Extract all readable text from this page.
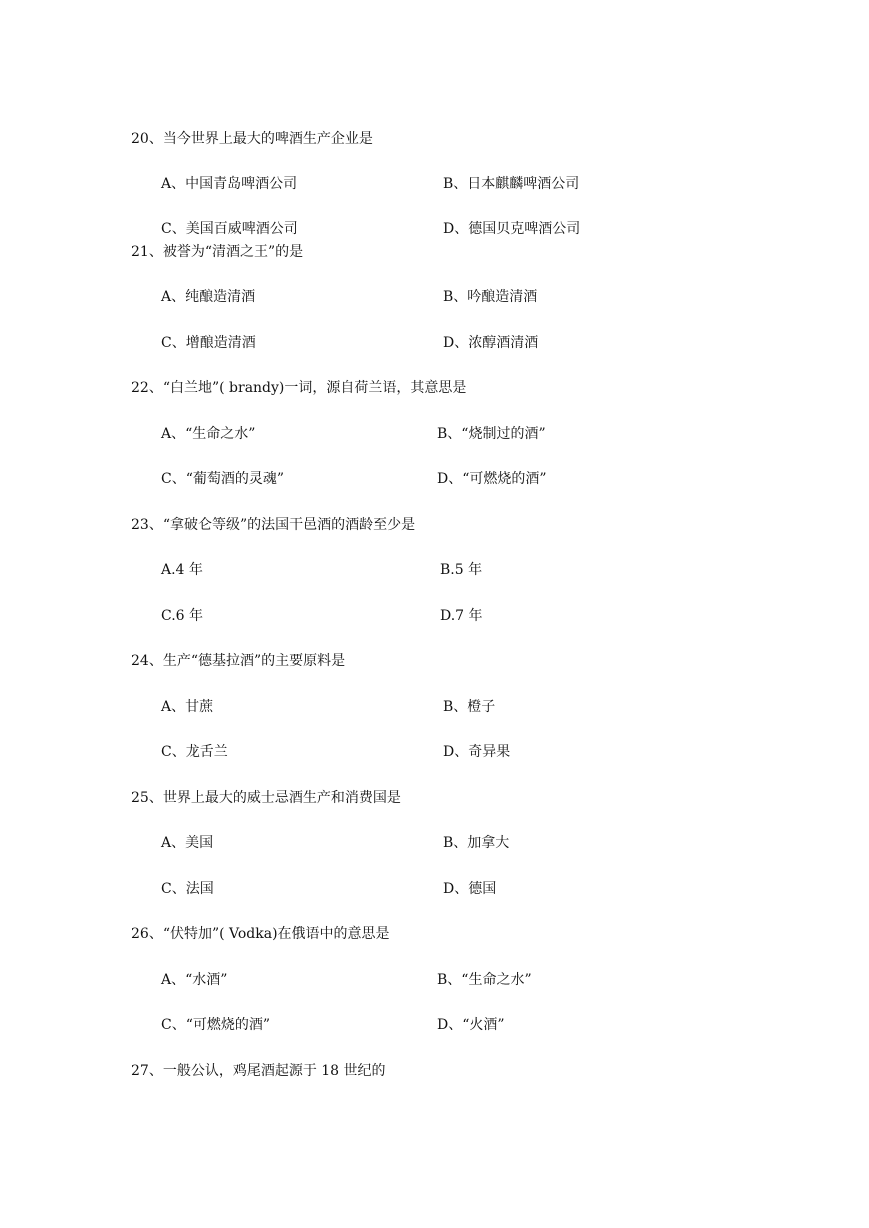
20、当今世界上最大的啤酒生产企业是
A、中国青岛啤酒公司	B、日本麒麟啤酒公司
C、美国百威啤酒公司	D、德国贝克啤酒公司
21、被誉为“清酒之王”的是
A、纯酿造清酒	B、吟酿造清酒
C、增酿造清酒	D、浓醇酒清酒
22、“白兰地”( brandy)一词，源自荷兰语，其意思是
A、“生命之水”	B、“烧制过的酒”
C、“葡萄酒的灵魂”	D、“可燃烧的酒”
23、“拿破仑等级”的法国干邑酒的酒龄至少是
A.4 年	B.5 年
C.6 年	D.7 年
24、生产“德基拉酒”的主要原料是
A、甘蔗	B、橙子
C、龙舌兰	D、奇异果
25、世界上最大的威士忌酒生产和消费国是
A、美国	B、加拿大
C、法国	D、德国
26、“伏特加”( Vodka)在俄语中的意思是
A、“水酒”	B、“生命之水”
C、“可燃烧的酒”	D、“火酒”
27、一般公认，鸡尾酒起源于 18 世纪的
